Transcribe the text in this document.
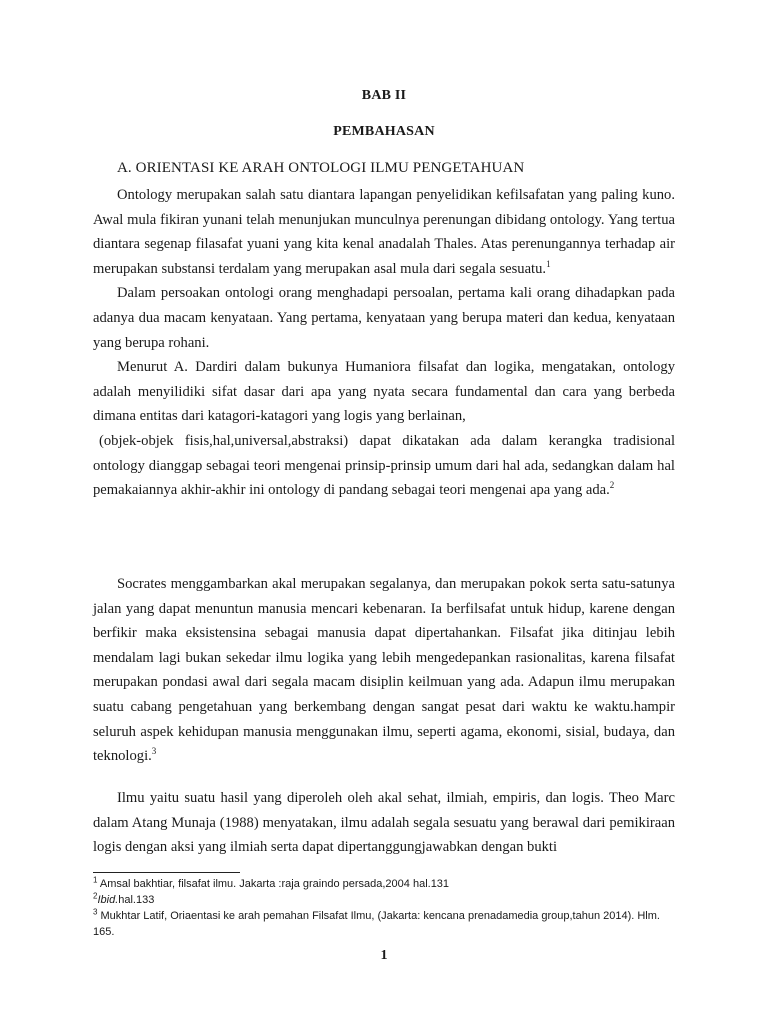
BAB II
PEMBAHASAN
A. ORIENTASI KE ARAH ONTOLOGI ILMU PENGETAHUAN

Ontology merupakan salah satu diantara lapangan penyelidikan kefilsafatan yang paling kuno. Awal mula fikiran yunani telah menunjukan munculnya perenungan dibidang ontology. Yang tertua diantara segenap filasafat yuani yang kita kenal anadalah Thales. Atas perenungannya terhadap air merupakan substansi terdalam yang merupakan asal mula dari segala sesuatu.$^1$

Dalam persoakan ontologi orang menghadapi persoalan, pertama kali orang dihadapkan pada adanya dua macam kenyataan. Yang pertama, kenyataan yang berupa materi dan kedua, kenyataan yang berupa rohani.

Menurut A. Dardiri dalam bukunya Humaniora filsafat dan logika, mengatakan, ontology adalah menyilidiki sifat dasar dari apa yang nyata secara fundamental dan cara yang berbeda dimana entitas dari katagori-katagori yang logis yang berlainan,

(objek-objek fisis,hal,universal,abstraksi) dapat dikatakan ada dalam kerangka tradisional ontology dianggap sebagai teori mengenai prinsip-prinsip umum dari hal ada, sedangkan dalam hal pemakaiannya akhir-akhir ini ontology di pandang sebagai teori mengenai apa yang ada.$^2$

Socrates menggambarkan akal merupakan segalanya, dan merupakan pokok serta satu-satunya jalan yang dapat menuntun manusia mencari kebenaran. Ia berfilsafat untuk hidup, karene dengan berfikir maka eksistensina sebagai manusia dapat dipertahankan. Filsafat jika ditinjau lebih mendalam lagi bukan sekedar ilmu logika yang lebih mengedepankan rasionalitas, karena filsafat merupakan pondasi awal dari segala macam disiplin keilmuan yang ada. Adapun ilmu merupakan suatu cabang pengetahuan yang berkembang dengan sangat pesat dari waktu ke waktu.hampir seluruh aspek kehidupan manusia menggunakan ilmu, seperti agama, ekonomi, sisial, budaya, dan teknologi.$^3$

Ilmu yaitu suatu hasil yang diperoleh oleh akal sehat, ilmiah, empiris, dan logis. Theo Marc dalam Atang Munaja (1988) menyatakan, ilmu adalah segala sesuatu yang berawal dari pemikiraan logis dengan aksi yang ilmiah serta dapat dipertanggungjawabkan dengan bukti

$^1$ Amsal bakhtiar, filsafat ilmu. Jakarta :raja graindo persada,2004 hal.131
$^2$Ibid.hal.133
$^3$ Mukhtar Latif, Oriaentasi ke arah pemahan Filsafat Ilmu, (Jakarta: kencana prenadamedia group,tahun 2014). Hlm. 165.
1
